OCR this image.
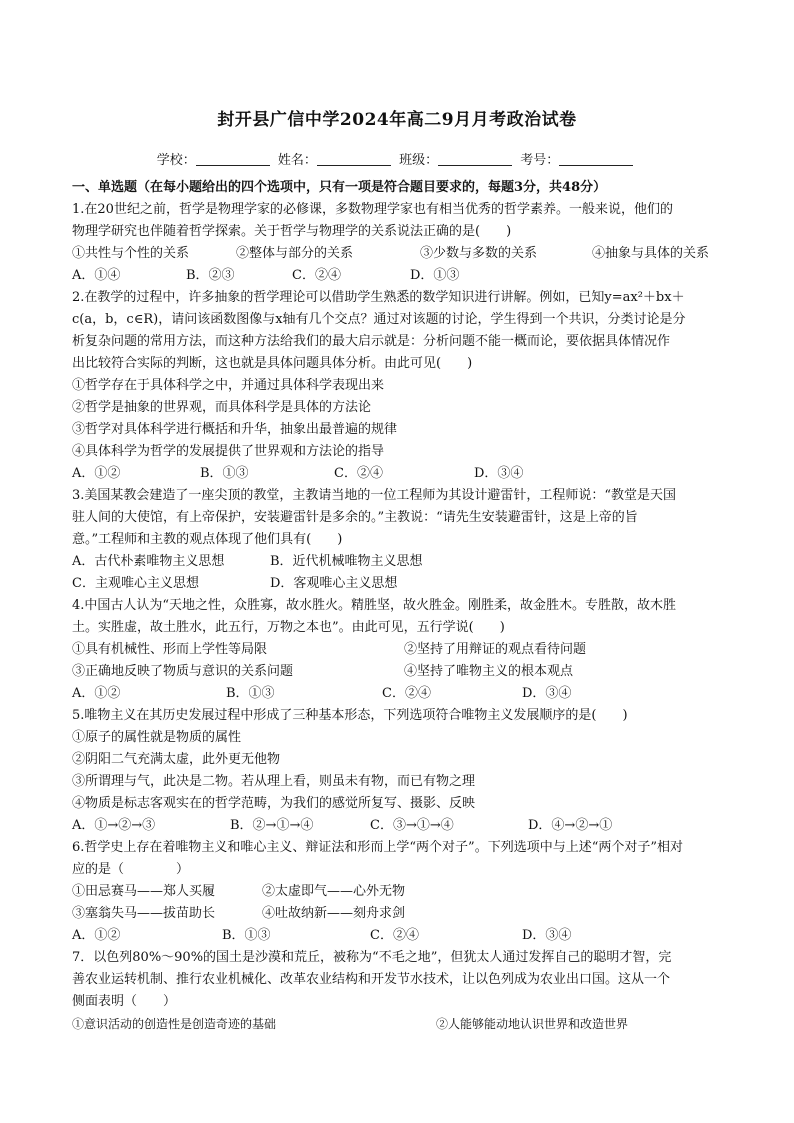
封开县广信中学2024年高二9月月考政治试卷
学校：	姓名：	班级：	考号：
一、单选题（在每小题给出的四个选项中，只有一项是符合题目要求的，每题3分，共48分）
1.在20世纪之前，哲学是物理学家的必修课，多数物理学家也有相当优秀的哲学素养。一般来说，他们的
物理学研究也伴随着哲学探索。关于哲学与物理学的关系说法正确的是(　　)
①共性与个性的关系	②整体与部分的关系	③少数与多数的关系	④抽象与具体的关系
A．①④	B．②③	C．②④	D．①③
2.在教学的过程中，许多抽象的哲学理论可以借助学生熟悉的数学知识进行讲解。例如，已知y=ax²＋bx＋
c(a，b，c∈R)，请问该函数图像与x轴有几个交点？通过对该题的讨论，学生得到一个共识，分类讨论是分
析复杂问题的常用方法，而这种方法给我们的最大启示就是：分析问题不能一概而论，要依据具体情况作
出比较符合实际的判断，这也就是具体问题具体分析。由此可见(　　)
①哲学存在于具体科学之中，并通过具体科学表现出来
②哲学是抽象的世界观，而具体科学是具体的方法论
③哲学对具体科学进行概括和升华，抽象出最普遍的规律
④具体科学为哲学的发展提供了世界观和方法论的指导
A．①②	B．①③	C．②④	D．③④
3.美国某教会建造了一座尖顶的教堂，主教请当地的一位工程师为其设计避雷针，工程师说：“教堂是天国
驻人间的大使馆，有上帝保护，安装避雷针是多余的。”主教说：“请先生安装避雷针，这是上帝的旨
意。”工程师和主教的观点体现了他们具有(　　)
A．古代朴素唯物主义思想	B．近代机械唯物主义思想
C．主观唯心主义思想	D．客观唯心主义思想
4.中国古人认为“天地之性，众胜寡，故水胜火。精胜坚，故火胜金。刚胜柔，故金胜木。专胜散，故木胜
土。实胜虚，故土胜水，此五行，万物之本也”。由此可见，五行学说(　　)
①具有机械性、形而上学性等局限	②坚持了用辩证的观点看待问题
③正确地反映了物质与意识的关系问题	④坚持了唯物主义的根本观点
A．①②	B．①③	C．②④	D．③④
5.唯物主义在其历史发展过程中形成了三种基本形态，下列选项符合唯物主义发展顺序的是(　　)
①原子的属性就是物质的属性
②阴阳二气充满太虚，此外更无他物
③所谓理与气，此决是二物。若从理上看，则虽未有物，而已有物之理
④物质是标志客观实在的哲学范畴，为我们的感觉所复写、摄影、反映
A．①→②→③	B．②→①→④	C．③→①→④	D．④→②→①
6.哲学史上存在着唯物主义和唯心主义、辩证法和形而上学“两个对子”。下列选项中与上述“两个对子”相对
应的是（　　　　）
①田忌赛马——郑人买履	②太虚即气——心外无物
③塞翁失马——拔苗助长	④吐故纳新——刻舟求剑
A．①②	B．①③	C．②④	D．③④
7．以色列80%～90%的国土是沙漠和荒丘，被称为“不毛之地”，但犹太人通过发挥自己的聪明才智，完
善农业运转机制、推行农业机械化、改革农业结构和开发节水技术，让以色列成为农业出口国。这从一个
侧面表明（　　）
①意识活动的创造性是创造奇迹的基础	②人能够能动地认识世界和改造世界
